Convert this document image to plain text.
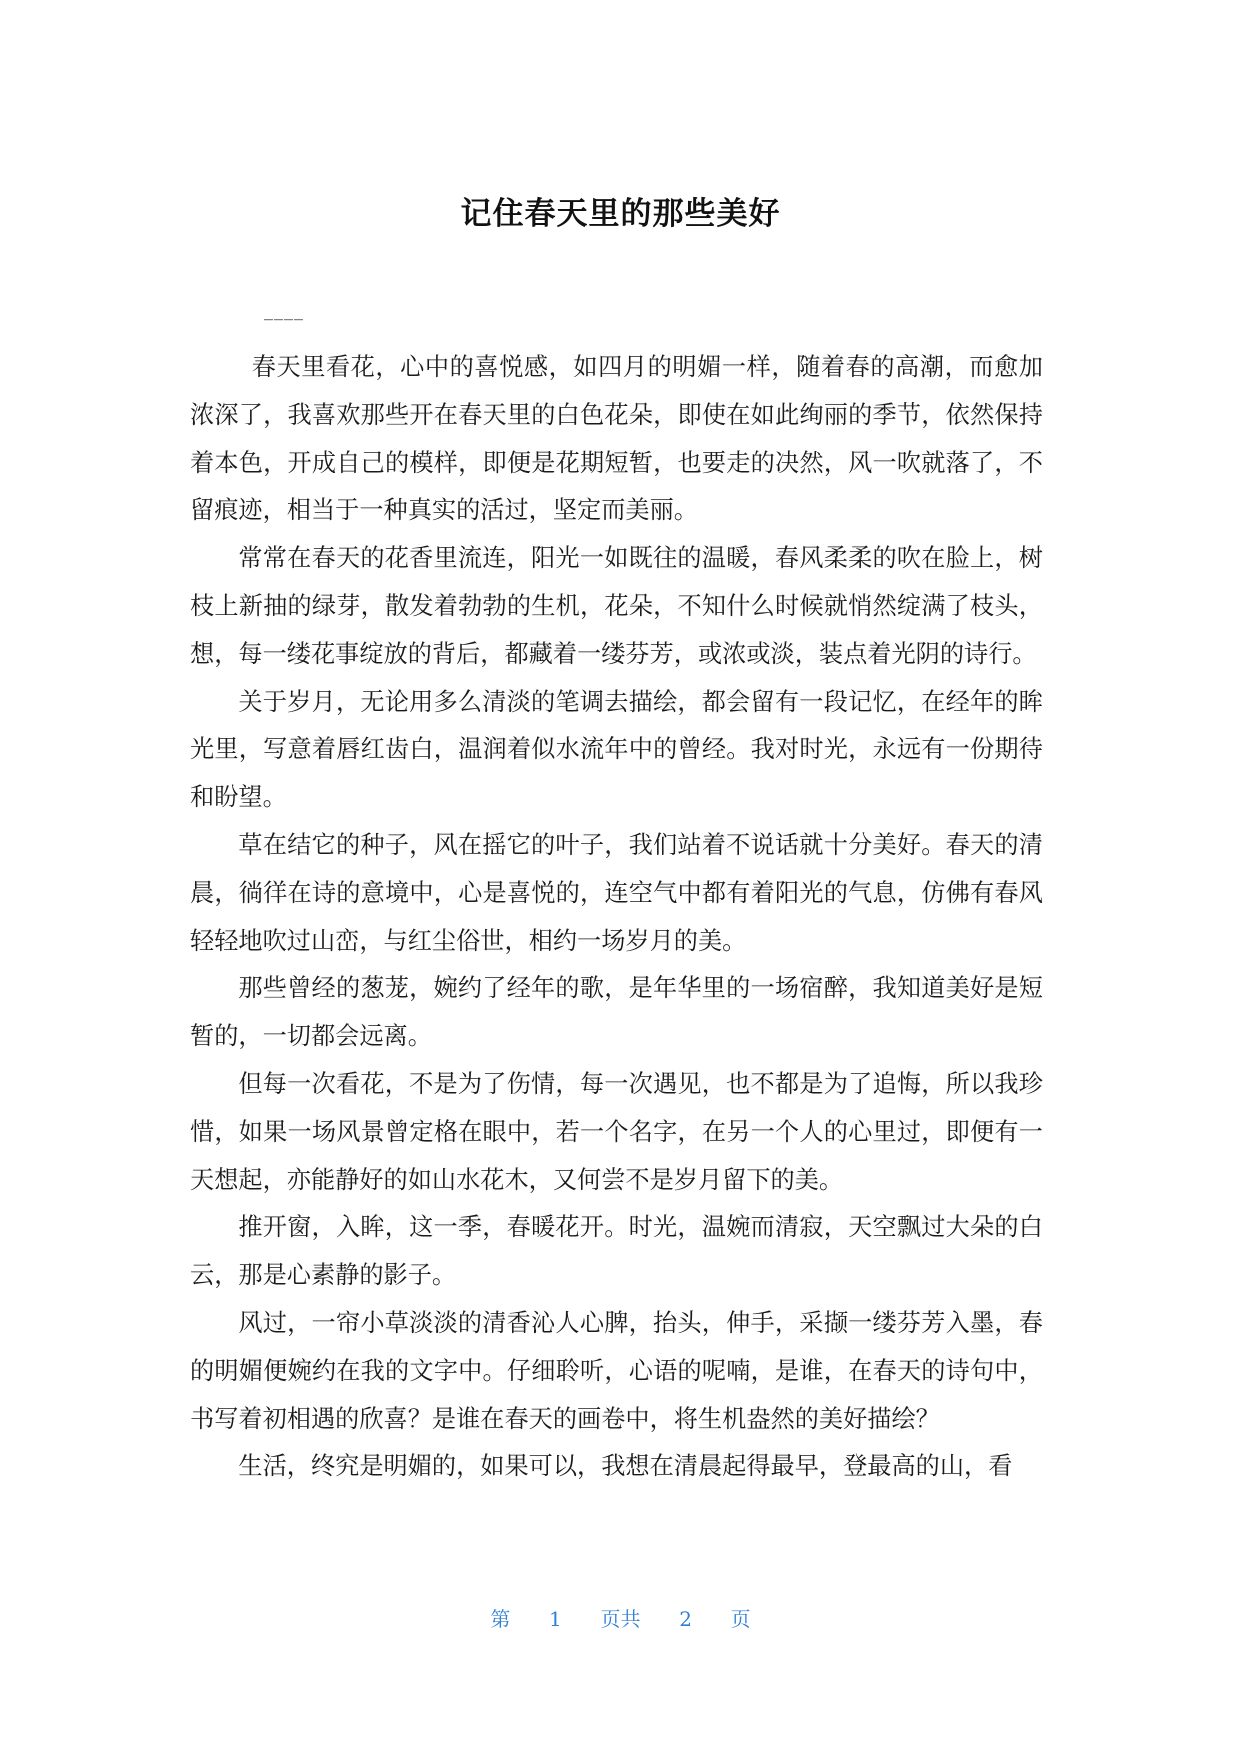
记住春天里的那些美好
____

春天里看花，心中的喜悦感，如四月的明媚一样，随着春的高潮，而愈加浓深了，我喜欢那些开在春天里的白色花朵，即使在如此绚丽的季节，依然保持着本色，开成自己的模样，即便是花期短暂，也要走的决然，风一吹就落了，不留痕迹，相当于一种真实的活过，坚定而美丽。

常常在春天的花香里流连，阳光一如既往的温暖，春风柔柔的吹在脸上，树枝上新抽的绿芽，散发着勃勃的生机，花朵，不知什么时候就悄然绽满了枝头，想，每一缕花事绽放的背后，都藏着一缕芬芳，或浓或淡，装点着光阴的诗行。

关于岁月，无论用多么清淡的笔调去描绘，都会留有一段记忆，在经年的眸光里，写意着唇红齿白，温润着似水流年中的曾经。我对时光，永远有一份期待和盼望。

草在结它的种子，风在摇它的叶子，我们站着不说话就十分美好。春天的清晨，徜徉在诗的意境中，心是喜悦的，连空气中都有着阳光的气息，仿佛有春风轻轻地吹过山峦，与红尘俗世，相约一场岁月的美。

那些曾经的葱茏，婉约了经年的歌，是年华里的一场宿醉，我知道美好是短暂的，一切都会远离。

但每一次看花，不是为了伤情，每一次遇见，也不都是为了追悔，所以我珍惜，如果一场风景曾定格在眼中，若一个名字，在另一个人的心里过，即便有一天想起，亦能静好的如山水花木，又何尝不是岁月留下的美。

推开窗，入眸，这一季，春暖花开。时光，温婉而清寂，天空飘过大朵的白云，那是心素静的影子。

风过，一帘小草淡淡的清香沁人心脾，抬头，伸手，采撷一缕芬芳入墨，春的明媚便婉约在我的文字中。仔细聆听，心语的呢喃，是谁，在春天的诗句中，书写着初相遇的欣喜？是谁在春天的画卷中，将生机盎然的美好描绘？

生活，终究是明媚的，如果可以，我想在清晨起得最早，登最高的山，看

第 1 页共 2 页
